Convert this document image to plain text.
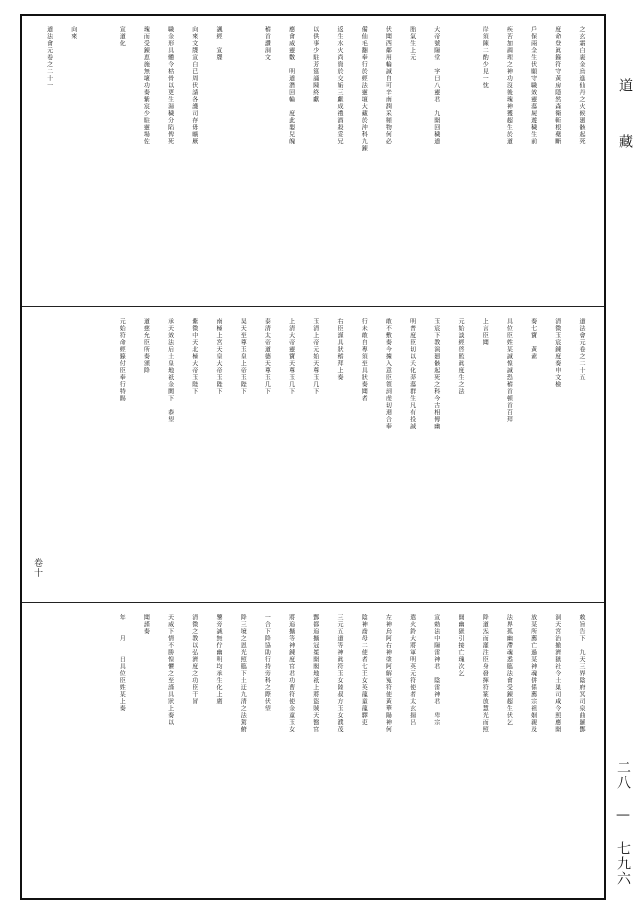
之玄霜白裹金烏進仙丹之火候廻骸起死
度命登眞籙符守黃房隱然森衛斬根蘗斷
戶保兩全生伏願守職效靈蕩屍遊穢生前
疾苦加調理之神功沒後瑰神獲超生於道
岸須陳二酌少見一忱
大帝號陽堂　字曰八靈君　九開回穢道
胎氣生上元
伏聞西鄰用輪誠自可辛南潤采頻物何必
備仙毛翻奉行於經法靈壇大藏於沖科九錬
返生水火尚資於交姤三獻成禮酒殺妥兄
以供事少駐芳筵誦陳終獻
應會威靈數　明道潛回輪　度此嬰兒魄
稽首讚洞文
諷經　宣牒
向來文牒宣白已周伏請各護司存毋曠厥
職金形具體令枯骨以更生湯穢分陷俾死
瑰而受錬恵施無壞功奏紫宸少駐靈場佐
宣道化
向來
道法會元卷之二十一
道法會元卷之二十五
清微玉宸錬度奏申文檢
奏七寶　黃素
具位臣姓某誠惶誠恐稽首頓首百拜
上言臣聞
元始談經啓監眞度生之法
玉宸下教演廻骸起死之科今古相傳幽
明普度臣切以夭化莽蕩群生凡有投誠
敢不敷奏今據入意臣領詞虔切迴合奉
行未敢自專須至具狀奏聞者
右臣謹具狀稽拜上奏
玉清上帝元始天尊玉几下
上清大帝靈寶天尊玉几下
泰清太帝道德天尊玉几下
昊天至尊玉皇上帝玉陛下
南極上宮天皇大帝玉陛下
紫微中天北極大帝玉陛下
承天效法后土皇地祇金闕下　恭望
道慈允臣所奏頒降
元始符命經籙付臣奉行特賜
卷十
敕旨告下　九天三界陰府冥司泉曲羅酆
洞天宮治撤濟獄社令土巢司咸令照應開
放某所薦亡過某神魂併係薦宗祖姻親及
法界孤幽滯魂悉臨法會受錬超生伏乞
降道炁而灌注臣身發揮符篆放慧光而照
開幽獄引接亡瑰次乞
宣勅法中陽雷神君　陰雷神君　卑宗
遣火鈴大將軍明英元符使者太玄揚呂
左神烏阿右神塗阿解冤符使黃華陽神何
陰神喬母二使者七王女英龍童龍驛吏
三元五道等神眞符玉女陸叔方玉女濮茂
酆都追攝冠冕開閣地祇上將盜賊天醫官
將追攝等神錬度官君功曹符使金童玉女
一合下降協助行持旁科之際伏望
降三境之恩光照臨下土迂九清之法駕俯
鑒旁誠無佇幽明均承生化上廣
清微之教以弘濟度之功臣干冒
天威下情不勝惶懼之至謹具狀上奏以
聞謹奏
年　　月　　日具位臣姓某上奏
道　藏
二八 — 七九六
